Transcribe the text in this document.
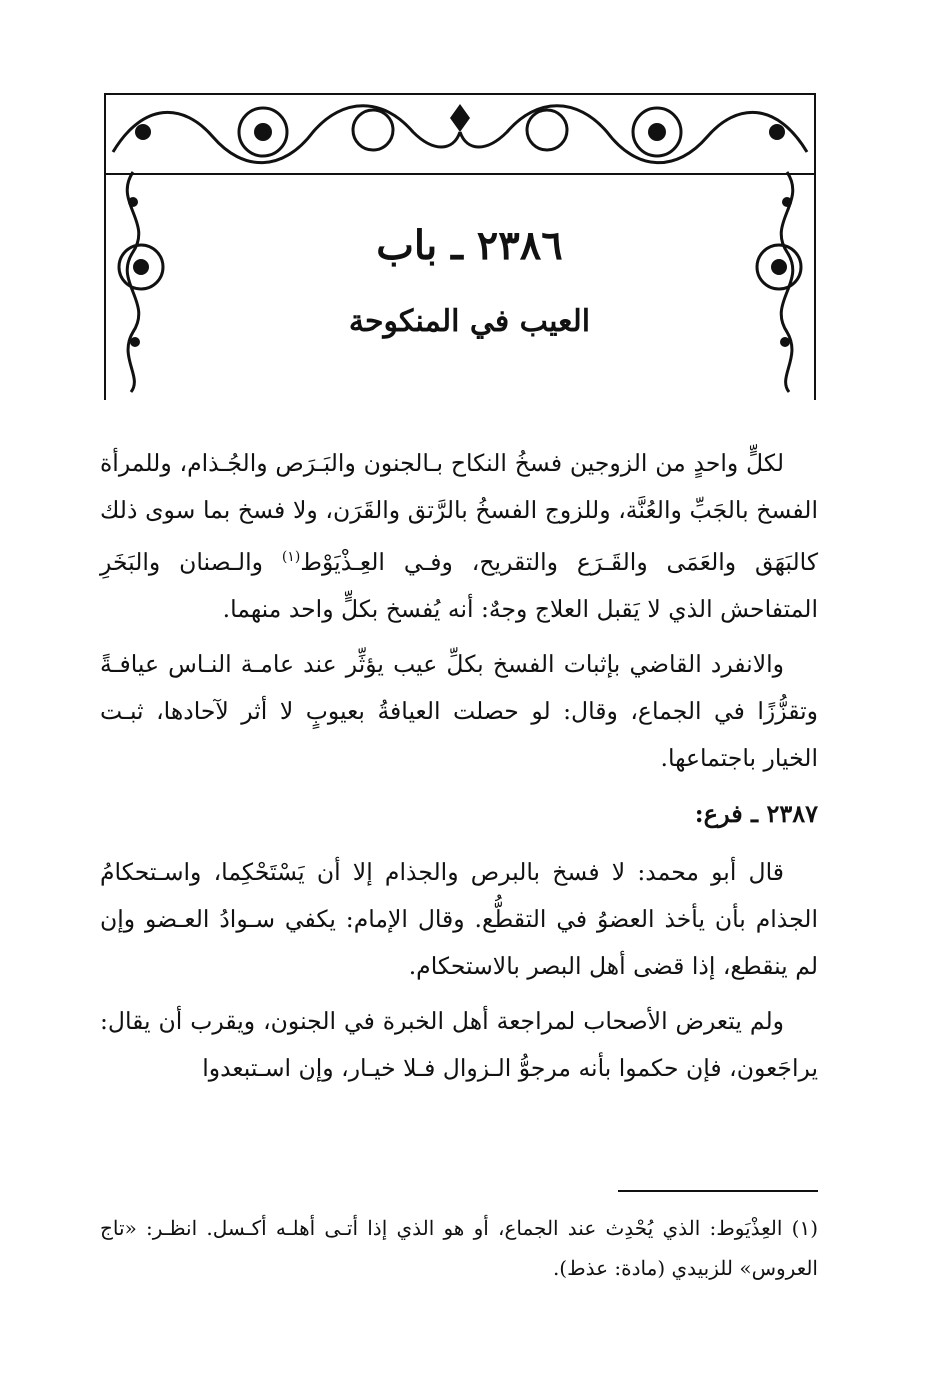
٢٣٨٦ ـ باب
العيب في المنكوحة

لكلٍّ واحدٍ من الزوجين فسخُ النكاح بـالجنون والبَـرَص والجُـذام، وللمرأة الفسخ بالجَبِّ والعُنَّة، وللزوج الفسخُ بالرَّتق والقَرَن، ولا فسخ بما سوى ذلك كالبَهَق والعَمَى والقَـرَع والتقريح، وفـي العِـذْيَوْط$^{(١)}$ والـصنان والبَخَرِ المتفاحش الذي لا يَقبل العلاج وجهٌ: أنه يُفسخ بكلٍّ واحد منهما.

والانفرد القاضي بإثبات الفسخ بكلِّ عيب يؤثِّر عند عامـة النـاس عيافـةً وتقزُّزًا في الجماع، وقال: لو حصلت العيافةُ بعيوبٍ لا أثر لآحادها، ثبـت الخيار باجتماعها.

٢٣٨٧ ـ فرع:

قال أبو محمد: لا فسخ بالبرص والجذام إلا أن يَسْتَحْكِما، واسـتحكامُ الجذام بأن يأخذ العضوُ في التقطُّع. وقال الإمام: يكفي سـوادُ العـضو وإن لم ينقطع، إذا قضى أهل البصر بالاستحكام.

ولم يتعرض الأصحاب لمراجعة أهل الخبرة في الجنون، ويقرب أن يقال: يراجَعون، فإن حكموا بأنه مرجوُّ الـزوال فـلا خيـار، وإن اسـتبعدوا

(١) العِذْيَوط: الذي يُحْدِث عند الجماع، أو هو الذي إذا أتـى أهلـه أكـسل. انظـر: «تاج العروس» للزبيدي (مادة: عذط).
